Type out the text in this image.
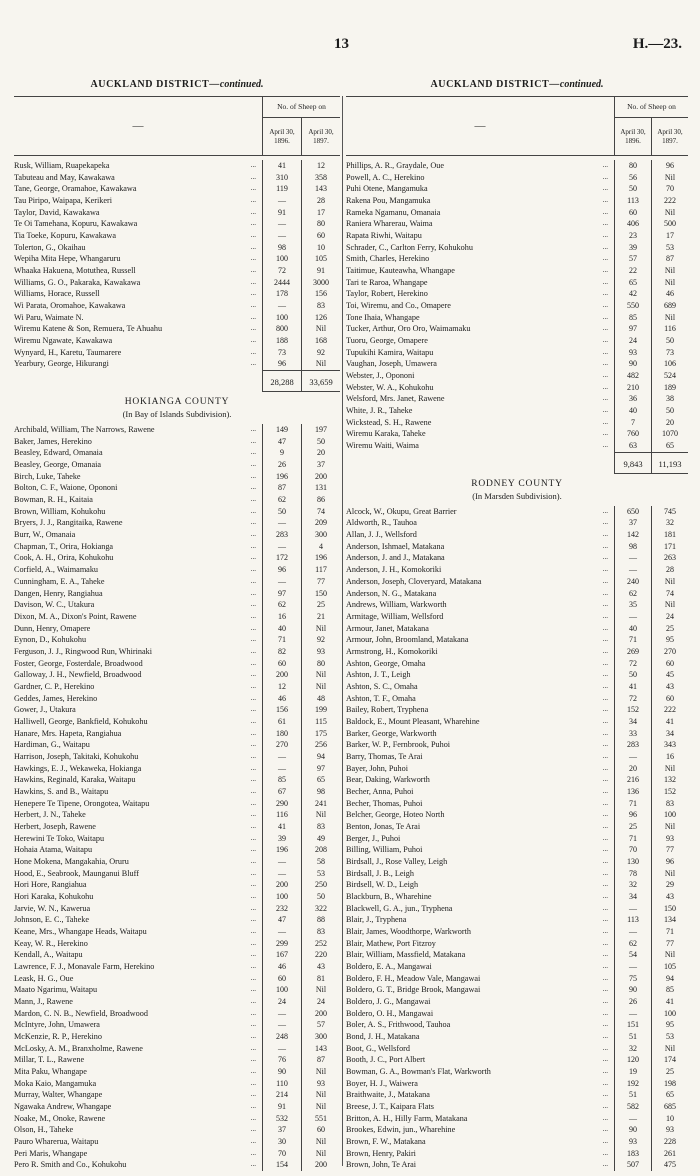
13	H.—23.
AUCKLAND DISTRICT—continued.
—
No. of Sheep on
April 30, 1896.
April 30, 1897.
Rusk, William, Ruapekapeka	...	41	12
Tabuteau and May, Kawakawa	...	310	358
Tane, George, Oramahoe, Kawakawa	...	119	143
Tau Piripo, Waipapa, Kerikeri	...	—	28
Taylor, David, Kawakawa	...	91	17
Te Oi Tamehana, Kopuru, Kawakawa	...	—	80
Tia Toeke, Kopuru, Kawakawa	...	—	60
Tolerton, G., Okaihau	...	98	10
Wepiha Mita Hepe, Whangaruru	...	100	105
Whaaka Hakuena, Motuthea, Russell	...	72	91
Williams, G. O., Pakaraka, Kawakawa	...	2444	3000
Williams, Horace, Russell	...	178	156
Wi Parata, Oromahoe, Kawakawa	...	—	83
Wi Paru, Waimate N.	...	100	126
Wiremu Katene & Son, Remuera, Te Ahuahu	...	800	Nil
Wiremu Ngawate, Kawakawa	...	188	168
Wynyard, H., Karetu, Taumarere	...	73	92
Yearbury, George, Hikurangi	...	96	Nil
28,288	33,659
HOKIANGA COUNTY
(In Bay of Islands Subdivision).
Archibald, William, The Narrows, Rawene	...	149	197
Baker, James, Herekino	...	47	50
Beasley, Edward, Omanaia	...	9	20
Beasley, George, Omanaia	...	26	37
Birch, Luke, Taheke	...	196	200
Bolton, C. F., Waione, Opononi	...	87	131
Bowman, R. H., Kaitaia	...	62	86
Brown, William, Kohukohu	...	50	74
Bryers, J. J., Rangitaika, Rawene	...	—	209
Burr, W., Omanaia	...	283	300
Chapman, T., Orira, Hokianga	...	—	4
Cook, A. H., Orira, Kohukohu	...	172	196
Corfield, A., Waimamaku	...	96	117
Cunningham, E. A., Taheke	...	—	77
Dangen, Henry, Rangiahua	...	97	150
Davison, W. C., Utakura	...	62	25
Dixon, M. A., Dixon's Point, Rawene	...	16	21
Dunn, Henry, Omapere	...	40	Nil
Eynon, D., Kohukohu	...	71	92
Ferguson, J. J., Ringwood Run, Whirinaki	...	82	93
Foster, George, Fosterdale, Broadwood	...	60	80
Galloway, J. H., Newfield, Broadwood	...	200	Nil
Gardner, C. P., Herekino	...	12	Nil
Geddes, James, Herekino	...	46	48
Gower, J., Utakura	...	156	199
Halliwell, George, Bankfield, Kohukohu	...	61	115
Hanare, Mrs. Hapeta, Rangiahua	...	180	175
Hardiman, G., Waitapu	...	270	256
Harrison, Joseph, Takitaki, Kohukohu	...	—	94
Hawkings, E. J., Wekaweka, Hokianga	...	—	97
Hawkins, Reginald, Karaka, Waitapu	...	85	65
Hawkins, S. and B., Waitapu	...	67	98
Henepere Te Tipene, Orongotea, Waitapu	...	290	241
Herbert, J. N., Taheke	...	116	Nil
Herbert, Joseph, Rawene	...	41	83
Herewini Te Toko, Waitapu	...	39	49
Hohaia Atama, Waitapu	...	196	208
Hone Mokena, Mangakahia, Oruru	...	—	58
Hood, E., Seabrook, Maunganui Bluff	...	—	53
Hori Hore, Rangiahua	...	200	250
Hori Karaka, Kohukohu	...	100	50
Jarvie, W. N., Kawerua	...	232	322
Johnson, E. C., Taheke	...	47	88
Keane, Mrs., Whangape Heads, Waitapu	...	—	83
Keay, W. R., Herekino	...	299	252
Kendall, A., Waitapu	...	167	220
Lawrence, F. J., Monavale Farm, Herekino	...	46	43
Leask, H. G., Oue	...	60	81
Maato Ngarimu, Waitapu	...	100	Nil
Mann, J., Rawene	...	24	24
Mardon, C. N. B., Newfield, Broadwood	...	—	200
McIntyre, John, Umawera	...	—	57
McKenzie, R. P., Herekino	...	248	300
McLosky, A. M., Branxholme, Rawene	...	—	143
Millar, T. L., Rawene	...	76	87
Mita Paku, Whangape	...	90	Nil
Moka Kaio, Mangamuka	...	110	93
Murray, Walter, Whangape	...	214	Nil
Ngawaka Andrew, Whangape	...	91	Nil
Noake, M., Onoke, Rawene	...	532	551
Olson, H., Taheke	...	37	60
Pauro Wharerua, Waitapu	...	30	Nil
Peri Maris, Whangape	...	70	Nil
Pero R. Smith and Co., Kohukohu	...	154	200
AUCKLAND DISTRICT—continued.
—
No. of Sheep on
April 30, 1896.
April 30, 1897.
Phillips, A. R., Graydale, Oue	...	80	96
Powell, A. C., Herekino	...	56	Nil
Puhi Otene, Mangamuka	...	50	70
Rakena Pou, Mangamuka	...	113	222
Rameka Ngamanu, Omanaia	...	60	Nil
Raniera Wharerau, Waima	...	406	500
Rapata Riwhi, Waitapu	...	23	17
Schrader, C., Carlton Ferry, Kohukohu	...	39	53
Smith, Charles, Herekino	...	57	87
Taitimue, Kauteawha, Whangape	...	22	Nil
Tari te Raroa, Whangape	...	65	Nil
Taylor, Robert, Herekino	...	42	46
Toi, Wiremu, and Co., Omapere	...	550	689
Tone Ihaia, Whangape	...	85	Nil
Tucker, Arthur, Oro Oro, Waimamaku	...	97	116
Tuoru, George, Omapere	...	24	50
Tupukihi Kamira, Waitapu	...	93	73
Vaughan, Joseph, Umawera	...	90	106
Webster, J., Opononi	...	482	524
Webster, W. A., Kohukohu	...	210	189
Welsford, Mrs. Janet, Rawene	...	36	38
White, J. R., Taheke	...	40	50
Wickstead, S. H., Rawene	...	7	20
Wiremu Karaka, Taheke	...	760	1070
Wiremu Waiti, Waima	...	63	65
9,843	11,193
RODNEY COUNTY
(In Marsden Subdivision).
Alcock, W., Okupu, Great Barrier	...	650	745
Aldworth, R., Tauhoa	...	37	32
Allan, J. J., Wellsford	...	142	181
Anderson, Ishmael, Matakana	...	98	171
Anderson, J. and J., Matakana	...	—	263
Anderson, J. H., Komokoriki	...	—	28
Anderson, Joseph, Cloveryard, Matakana	...	240	Nil
Anderson, N. G., Matakana	...	62	74
Andrews, William, Warkworth	...	35	Nil
Armitage, William, Wellsford	...	—	24
Armour, Janet, Matakana	...	40	25
Armour, John, Broomland, Matakana	...	71	95
Armstrong, H., Komokoriki	...	269	270
Ashton, George, Omaha	...	72	60
Ashton, J. T., Leigh	...	50	45
Ashton, S. C., Omaha	...	41	43
Ashton, T. F., Omaha	...	72	60
Bailey, Robert, Tryphena	...	152	222
Baldock, E., Mount Pleasant, Wharehine	...	34	41
Barker, George, Warkworth	...	33	34
Barker, W. P., Fernbrook, Puhoi	...	283	343
Barry, Thomas, Te Arai	...	—	16
Bayer, John, Puhoi	...	20	Nil
Bear, Daking, Warkworth	...	216	132
Becher, Anna, Puhoi	...	136	152
Becher, Thomas, Puhoi	...	71	83
Belcher, George, Hoteo North	...	96	100
Benton, Jonas, Te Arai	...	25	Nil
Berger, J., Puhoi	...	71	93
Billing, William, Puhoi	...	70	77
Birdsall, J., Rose Valley, Leigh	...	130	96
Birdsall, J. B., Leigh	...	78	Nil
Birdsell, W. D., Leigh	...	32	29
Blackburn, B., Wharehine	...	34	43
Blackwell, G. A., jun., Tryphena	...	—	150
Blair, J., Tryphena	...	113	134
Blair, James, Woodthorpe, Warkworth	...	—	71
Blair, Mathew, Port Fitzroy	...	62	77
Blair, William, Massfield, Matakana	...	54	Nil
Boldero, E. A., Mangawai	...	—	105
Boldero, F. H., Meadow Vale, Mangawai	...	75	94
Boldero, G. T., Bridge Brook, Mangawai	...	90	85
Boldero, J. G., Mangawai	...	26	41
Boldero, O. H., Mangawai	...	—	100
Boler, A. S., Frithwood, Tauhoa	...	151	95
Bond, J. H., Matakana	...	51	53
Boot, G., Wellsford	...	32	Nil
Booth, J. C., Port Albert	...	120	174
Bowman, G. A., Bowman's Flat, Warkworth	...	19	25
Boyer, H. J., Waiwera	...	192	198
Braithwaite, J., Matakana	...	51	65
Breese, J. T., Kaipara Flats	...	582	685
Britton, A. H., Hilly Farm, Matakana	...	—	10
Brookes, Edwin, jun., Wharehine	...	90	93
Brown, F. W., Matakana	...	93	228
Brown, Henry, Pakiri	...	183	261
Brown, John, Te Arai	...	507	475
